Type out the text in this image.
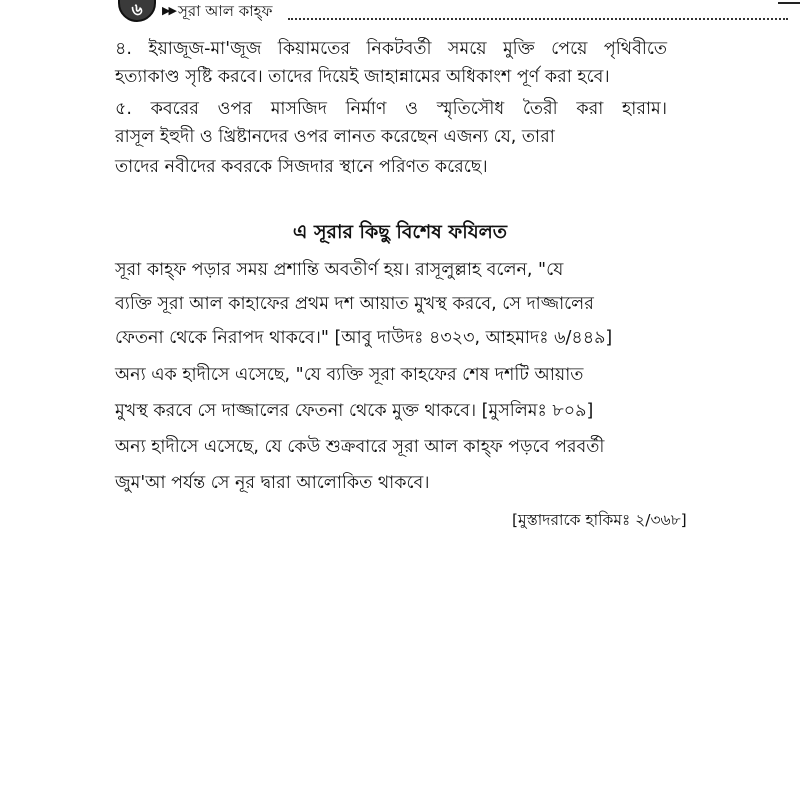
৬	▶▶ সূরা আল কাহ্ফ
৪. ইয়াজূজ-মা'জূজ কিয়ামতের নিকটবর্তী সময়ে মুক্তি পেয়ে পৃথিবীতে
হত্যাকাণ্ড সৃষ্টি করবে। তাদের দিয়েই জাহান্নামের অধিকাংশ পূর্ণ করা হবে।
৫. কবরের ওপর মাসজিদ নির্মাণ ও স্মৃতিসৌধ তৈরী করা হারাম।
রাসূল ইহুদী ও খ্রিষ্টানদের ওপর লানত করেছেন এজন্য যে, তারা
তাদের নবীদের কবরকে সিজদার স্থানে পরিণত করেছে।
এ সূরার কিছু বিশেষ ফযিলত
সূরা কাহ্ফ পড়ার সময় প্রশান্তি অবতীর্ণ হয়। রাসূলুল্লাহ বলেন, "যে
ব্যক্তি সূরা আল কাহাফের প্রথম দশ আয়াত মুখস্থ করবে, সে দাজ্জালের
ফেতনা থেকে নিরাপদ থাকবে।" [আবু দাউদঃ ৪৩২৩, আহমাদঃ ৬/৪৪৯]
অন্য এক হাদীসে এসেছে, "যে ব্যক্তি সূরা কাহফের শেষ দশটি আয়াত
মুখস্থ করবে সে দাজ্জালের ফেতনা থেকে মুক্ত থাকবে। [মুসলিমঃ ৮০৯]
অন্য হাদীসে এসেছে, যে কেউ শুক্রবারে সূরা আল কাহ্ফ পড়বে পরবর্তী
জুম'আ পর্যন্ত সে নূর দ্বারা আলোকিত থাকবে।
[মুস্তাদরাকে হাকিমঃ ২/৩৬৮]
